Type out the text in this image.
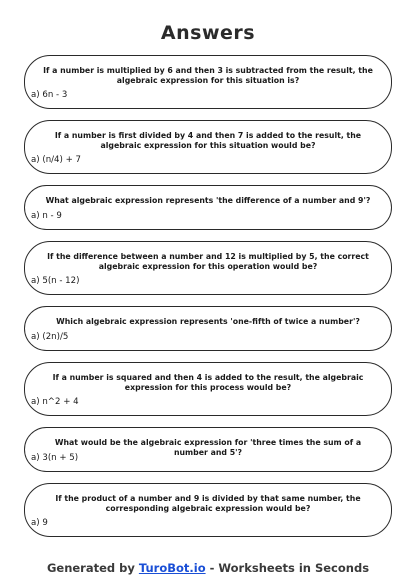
Answers
If a number is multiplied by 6 and then 3 is subtracted from the result, the algebraic expression for this situation is?
a) 6n - 3
If a number is first divided by 4 and then 7 is added to the result, the algebraic expression for this situation would be?
a) (n/4) + 7
What algebraic expression represents 'the difference of a number and 9'?
a) n - 9
If the difference between a number and 12 is multiplied by 5, the correct algebraic expression for this operation would be?
a) 5(n - 12)
Which algebraic expression represents 'one-fifth of twice a number'?
a) (2n)/5
If a number is squared and then 4 is added to the result, the algebraic expression for this process would be?
a) n^2 + 4
What would be the algebraic expression for 'three times the sum of a number and 5'?
a) 3(n + 5)
If the product of a number and 9 is divided by that same number, the corresponding algebraic expression would be?
a) 9
Generated by TuroBot.io - Worksheets in Seconds
